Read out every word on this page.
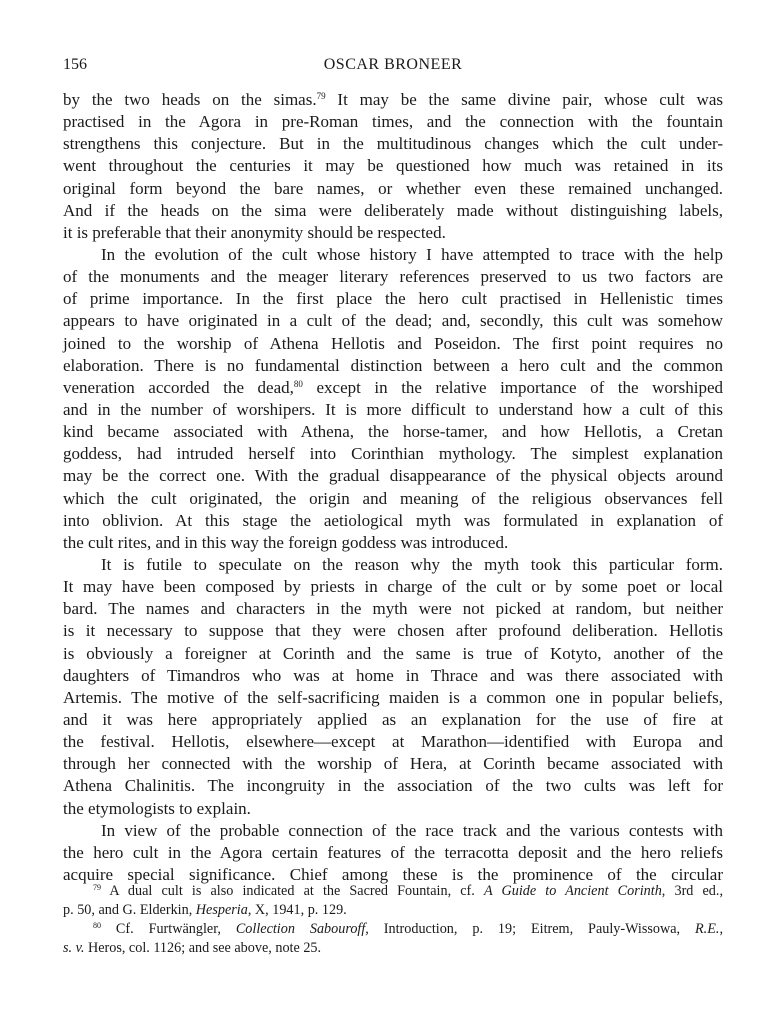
156	OSCAR BRONEER
by the two heads on the simas.$^{79}$ It may be the same divine pair, whose cult was
practised in the Agora in pre-Roman times, and the connection with the fountain
strengthens this conjecture. But in the multitudinous changes which the cult under-
went throughout the centuries it may be questioned how much was retained in its
original form beyond the bare names, or whether even these remained unchanged.
And if the heads on the sima were deliberately made without distinguishing labels,
it is preferable that their anonymity should be respected.
In the evolution of the cult whose history I have attempted to trace with the help
of the monuments and the meager literary references preserved to us two factors are
of prime importance. In the first place the hero cult practised in Hellenistic times
appears to have originated in a cult of the dead; and, secondly, this cult was somehow
joined to the worship of Athena Hellotis and Poseidon. The first point requires no
elaboration. There is no fundamental distinction between a hero cult and the common
veneration accorded the dead,$^{80}$ except in the relative importance of the worshiped
and in the number of worshipers. It is more difficult to understand how a cult of this
kind became associated with Athena, the horse-tamer, and how Hellotis, a Cretan
goddess, had intruded herself into Corinthian mythology. The simplest explanation
may be the correct one. With the gradual disappearance of the physical objects around
which the cult originated, the origin and meaning of the religious observances fell
into oblivion. At this stage the aetiological myth was formulated in explanation of
the cult rites, and in this way the foreign goddess was introduced.
It is futile to speculate on the reason why the myth took this particular form.
It may have been composed by priests in charge of the cult or by some poet or local
bard. The names and characters in the myth were not picked at random, but neither
is it necessary to suppose that they were chosen after profound deliberation. Hellotis
is obviously a foreigner at Corinth and the same is true of Kotyto, another of the
daughters of Timandros who was at home in Thrace and was there associated with
Artemis. The motive of the self-sacrificing maiden is a common one in popular beliefs,
and it was here appropriately applied as an explanation for the use of fire at
the festival. Hellotis, elsewhere—except at Marathon—identified with Europa and
through her connected with the worship of Hera, at Corinth became associated with
Athena Chalinitis. The incongruity in the association of the two cults was left for
the etymologists to explain.
In view of the probable connection of the race track and the various contests with
the hero cult in the Agora certain features of the terracotta deposit and the hero reliefs
acquire special significance. Chief among these is the prominence of the circular
$^{79}$ A dual cult is also indicated at the Sacred Fountain, cf. A Guide to Ancient Corinth, 3rd ed.,
p. 50, and G. Elderkin, Hesperia, X, 1941, p. 129.
$^{80}$ Cf. Furtwängler, Collection Sabouroff, Introduction, p. 19; Eitrem, Pauly-Wissowa, R.E.,
s. v. Heros, col. 1126; and see above, note 25.
